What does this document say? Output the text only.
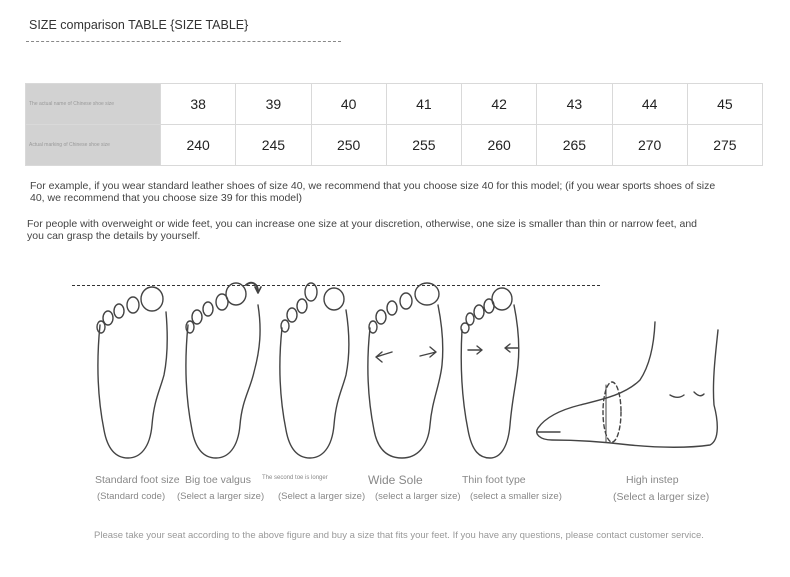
SIZE comparison TABLE {SIZE TABLE}
The actual name of Chinese shoe size	38	39	40	41	42	43	44	45
Actual marking of Chinese shoe size	240	245	250	255	260	265	270	275
For example, if you wear standard leather shoes of size 40, we recommend that you choose size 40 for this model; (if you wear sports shoes of size 40, we recommend that you choose size 39 for this model)
For people with overweight or wide feet, you can increase one size at your discretion, otherwise, one size is smaller than thin or narrow feet, and you can grasp the details by yourself.
Standard foot size
(Standard code)
Big toe valgus
(Select a larger size)
The second toe is longer
(Select a larger size)
Wide Sole
(select a larger size)
Thin foot type
(select a smaller size)
High instep
(Select a larger size)
Please take your seat according to the above figure and buy a size that fits your feet. If you have any questions, please contact customer service.
